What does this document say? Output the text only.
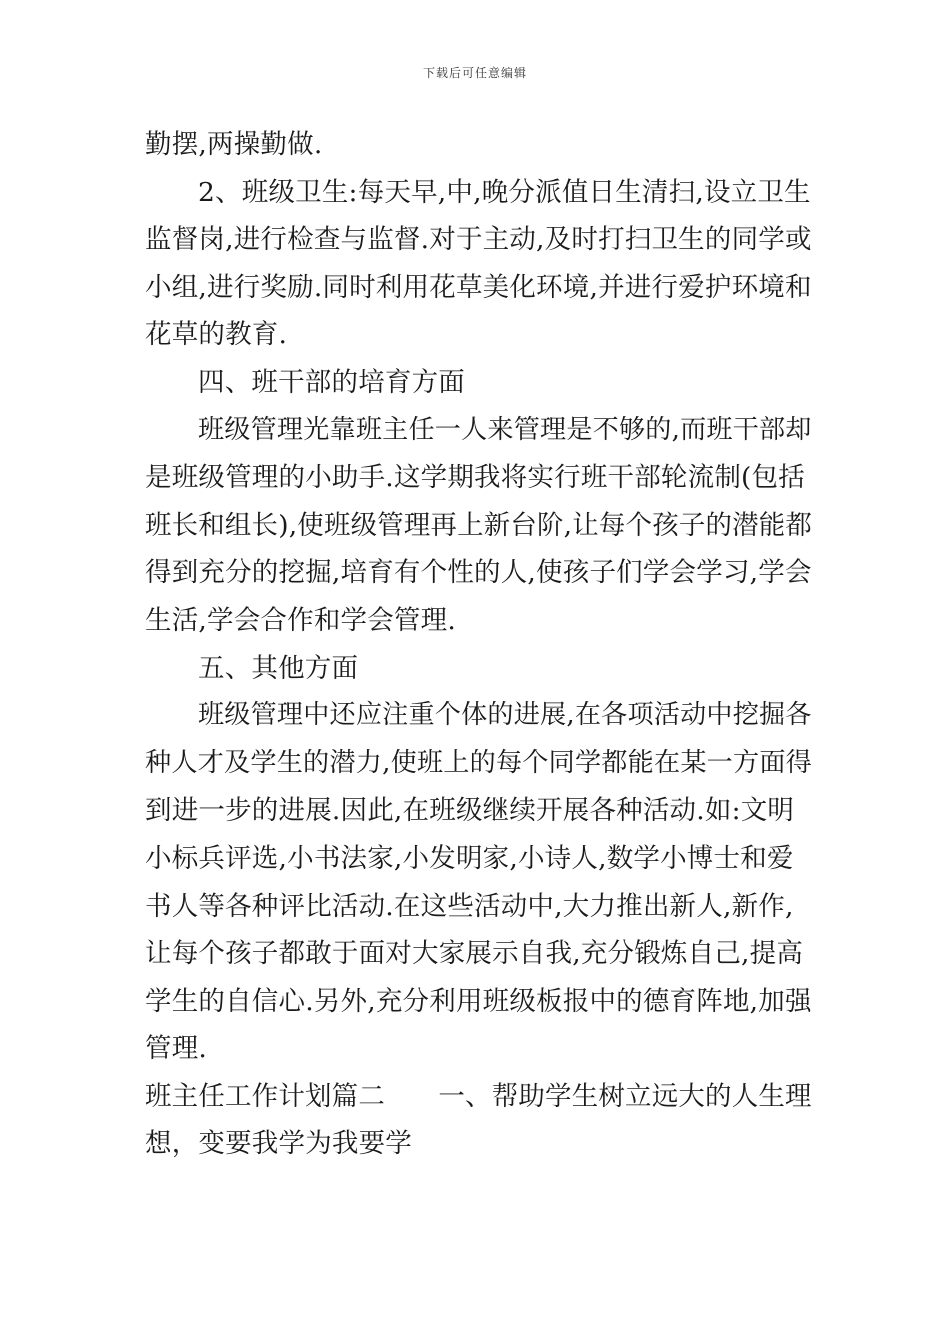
下载后可任意编辑
勤摆,两操勤做.
2、班级卫生:每天早,中,晚分派值日生清扫,设立卫生
监督岗,进行检查与监督.对于主动,及时打扫卫生的同学或
小组,进行奖励.同时利用花草美化环境,并进行爱护环境和
花草的教育.
四、班干部的培育方面
班级管理光靠班主任一人来管理是不够的,而班干部却
是班级管理的小助手.这学期我将实行班干部轮流制(包括
班长和组长),使班级管理再上新台阶,让每个孩子的潜能都
得到充分的挖掘,培育有个性的人,使孩子们学会学习,学会
生活,学会合作和学会管理.
五、其他方面
班级管理中还应注重个体的进展,在各项活动中挖掘各
种人才及学生的潜力,使班上的每个同学都能在某一方面得
到进一步的进展.因此,在班级继续开展各种活动.如:文明
小标兵评选,小书法家,小发明家,小诗人,数学小博士和爱
书人等各种评比活动.在这些活动中,大力推出新人,新作,
让每个孩子都敢于面对大家展示自我,充分锻炼自己,提高
学生的自信心.另外,充分利用班级板报中的德育阵地,加强
管理.
班主任工作计划篇二　　一、帮助学生树立远大的人生理
想，变要我学为我要学
